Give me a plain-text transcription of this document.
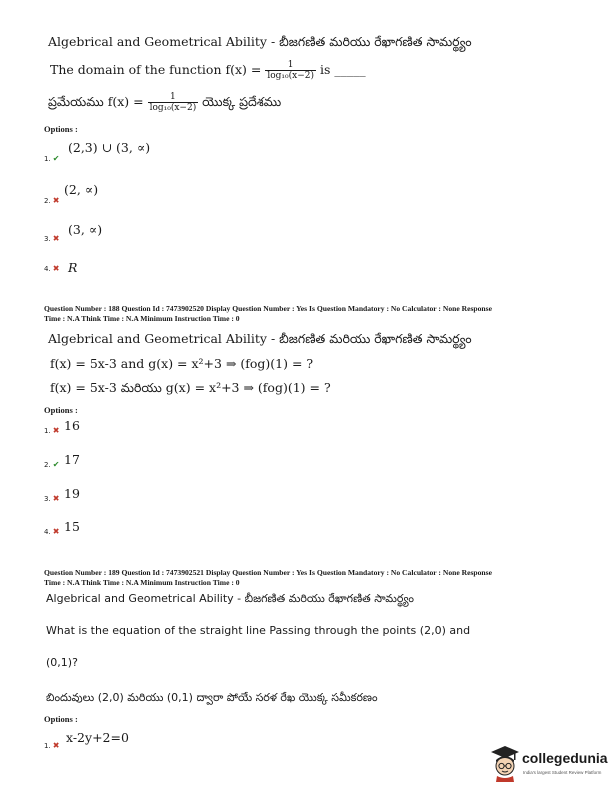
Algebrical and Geometrical Ability - బీజగణిత మరియు రేఖాగణిత సామర్థ్యం
The domain of the function $f(x) = \frac{1}{\text{log₁₀(x−2)}}$ is _____
ప్రమేయము $f(x) = \frac{1}{\text{log₁₀(x−2)}}$ యొక్క ప్రదేశము
Options :
(2,3) ∪ (3, ∝)
1. ✔
(2, ∝)
2. ✖
(3, ∝)
3. ✖
4. ✖ R
Question Number : 188 Question Id : 7473902520 Display Question Number : Yes Is Question Mandatory : No Calculator : None Response
Time : N.A Think Time : N.A Minimum Instruction Time : 0
Algebrical and Geometrical Ability - బీజగణిత మరియు రేఖాగణిత సామర్థ్యం
f(x) = 5x-3 and g(x) = x²+3 ⇒ (fog)(1) = ?
f(x) = 5x-3 మరియు g(x) = x²+3 ⇒ (fog)(1) = ?
Options :
1. ✖ 16
2. ✔ 17
3. ✖ 19
4. ✖ 15
Question Number : 189 Question Id : 7473902521 Display Question Number : Yes Is Question Mandatory : No Calculator : None Response
Time : N.A Think Time : N.A Minimum Instruction Time : 0
Algebrical and Geometrical Ability - బీజగణిత మరియు రేఖాగణిత సామర్థ్యం
What is the equation of the straight line Passing through the points (2,0) and
(0,1)?
బిందువులు (2,0) మరియు (0,1) ద్వారా పోయే సరళ రేఖ యొక్క సమీకరణం
Options :
x-2y+2=0
1. ✖
collegedunia
India's largest Student Review Platform
